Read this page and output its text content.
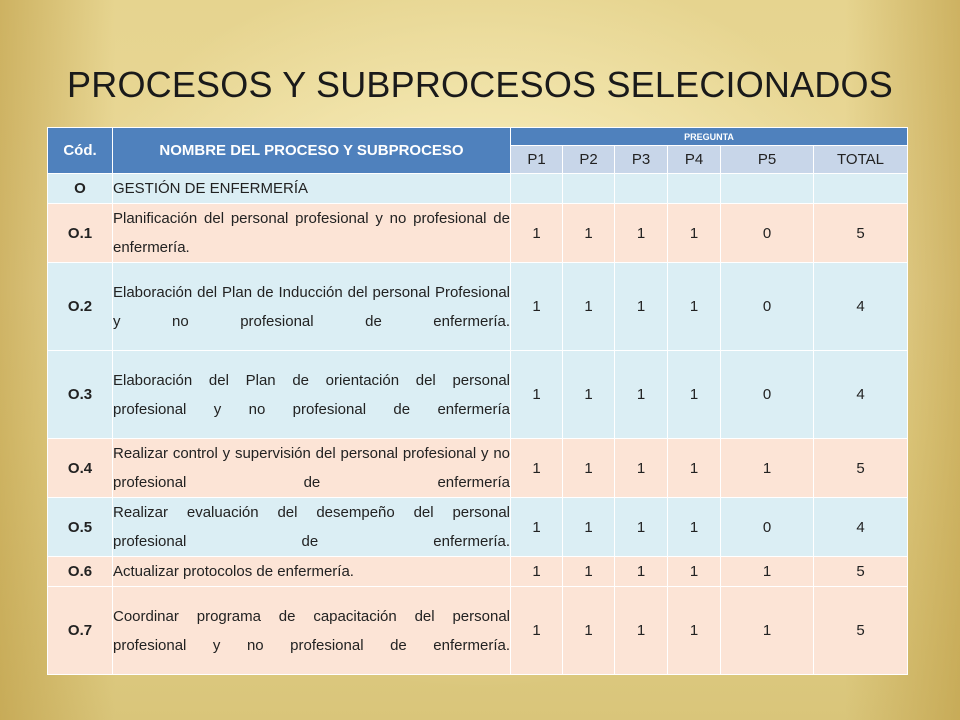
PROCESOS Y SUBPROCESOS SELECIONADOS
Cód.	NOMBRE DEL PROCESO Y SUBPROCESO	PREGUNTA					
		P1	P2	P3	P4	P5	TOTAL
O	GESTIÓN DE ENFERMERÍA						
O.1	Planificación del personal profesional y no profesional de enfermería.	1	1	1	1	0	5
O.2	Elaboración del Plan de Inducción del personal Profesional y no profesional de enfermería.	1	1	1	1	0	4
O.3	Elaboración del Plan de orientación del personal profesional y no profesional de enfermería	1	1	1	1	0	4
O.4	Realizar control y supervisión del personal profesional y no profesional de enfermería	1	1	1	1	1	5
O.5	Realizar evaluación del desempeño del personal profesional de enfermería.	1	1	1	1	0	4
O.6	Actualizar protocolos de enfermería.	1	1	1	1	1	5
O.7	Coordinar programa de capacitación del personal profesional y no profesional de enfermería.	1	1	1	1	1	5
